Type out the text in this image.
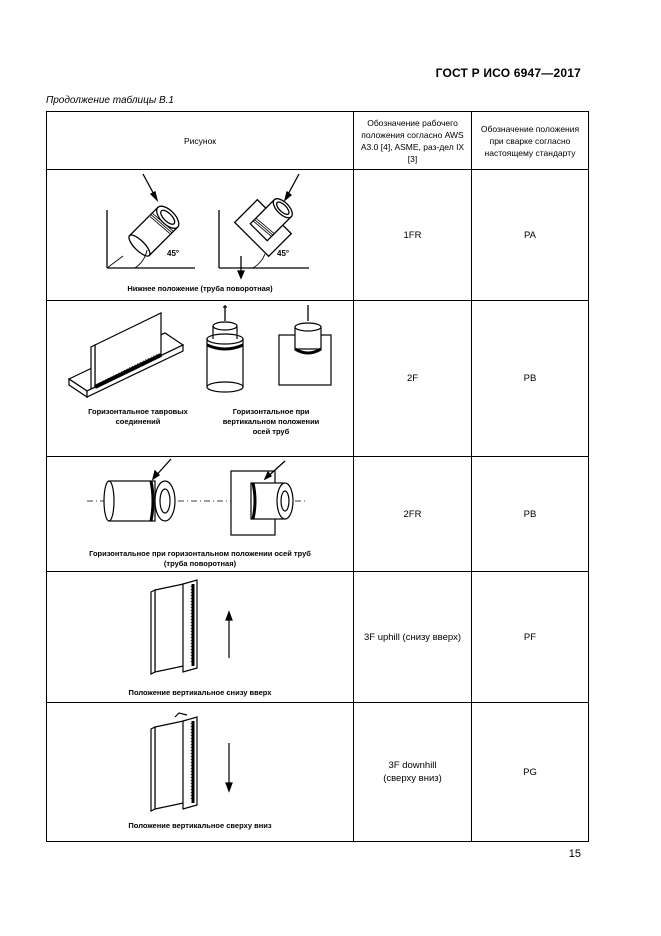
ГОСТ Р ИСО 6947—2017
Продолжение таблицы В.1
Рисунок	Обозначение рабочего положения согласно AWS A3.0 [4], ASME, раз-дел IX [3]	Обозначение положения при сварке согласно настоящему стандарту

45° 45°
Нижнее положение (труба поворотная)	1FR	PA

Горизонтальное тавровых соединений
Горизонтальное при вертикальном положении осей труб	2F	PB

Горизонтальное при горизонтальном положении осей труб (труба поворотная)	2FR	PB

Положение вертикальное снизу вверх	3F uphill (снизу вверх)	PF

Положение вертикальное сверху вниз	3F downhill
(сверху вниз)	PG
15
